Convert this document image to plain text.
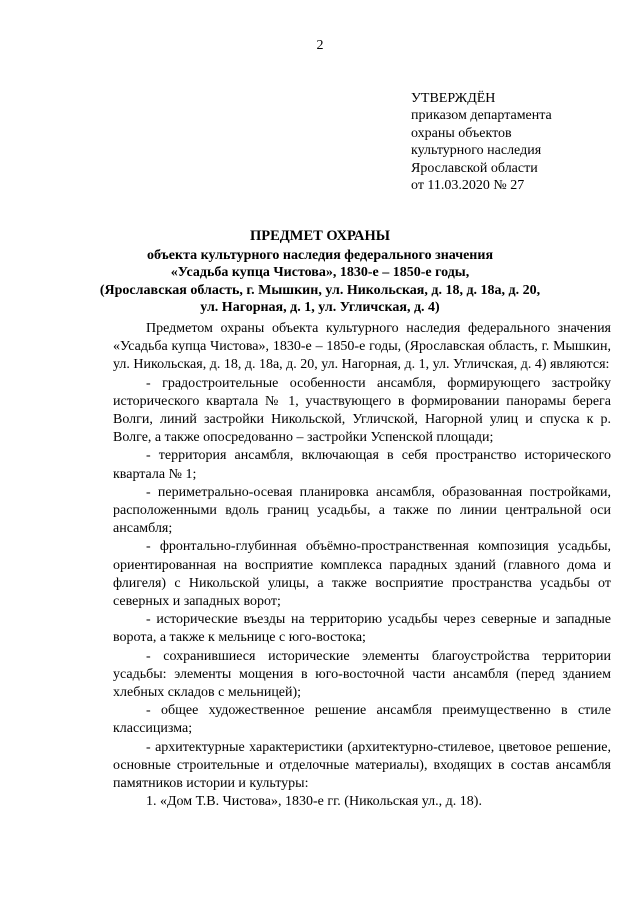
2
УТВЕРЖДЁН
приказом департамента
охраны объектов
культурного наследия
Ярославской области
от 11.03.2020 № 27
ПРЕДМЕТ ОХРАНЫ
объекта культурного наследия федерального значения
«Усадьба купца Чистова», 1830-е – 1850-е годы,
(Ярославская область, г. Мышкин, ул. Никольская, д. 18, д. 18а, д. 20,
ул. Нагорная, д. 1, ул. Угличская, д. 4)

Предметом охраны объекта культурного наследия федерального значения «Усадьба купца Чистова», 1830-е – 1850-е годы, (Ярославская область, г. Мышкин, ул. Никольская, д. 18, д. 18а, д. 20, ул. Нагорная, д. 1, ул. Угличская, д. 4) являются:

- градостроительные особенности ансамбля, формирующего застройку исторического квартала № 1, участвующего в формировании панорамы берега Волги, линий застройки Никольской, Угличской, Нагорной улиц и спуска к р. Волге, а также опосредованно – застройки Успенской площади;

- территория ансамбля, включающая в себя пространство исторического квартала № 1;

- периметрально-осевая планировка ансамбля, образованная постройками, расположенными вдоль границ усадьбы, а также по линии центральной оси ансамбля;

- фронтально-глубинная объёмно-пространственная композиция усадьбы, ориентированная на восприятие комплекса парадных зданий (главного дома и флигеля) с Никольской улицы, а также восприятие пространства усадьбы от северных и западных ворот;

- исторические въезды на территорию усадьбы через северные и западные ворота, а также к мельнице с юго-востока;

- сохранившиеся исторические элементы благоустройства территории усадьбы: элементы мощения в юго-восточной части ансамбля (перед зданием хлебных складов с мельницей);

- общее художественное решение ансамбля преимущественно в стиле классицизма;

- архитектурные характеристики (архитектурно-стилевое, цветовое решение, основные строительные и отделочные материалы), входящих в состав ансамбля памятников истории и культуры:

1. «Дом Т.В. Чистова», 1830-е гг. (Никольская ул., д. 18).
